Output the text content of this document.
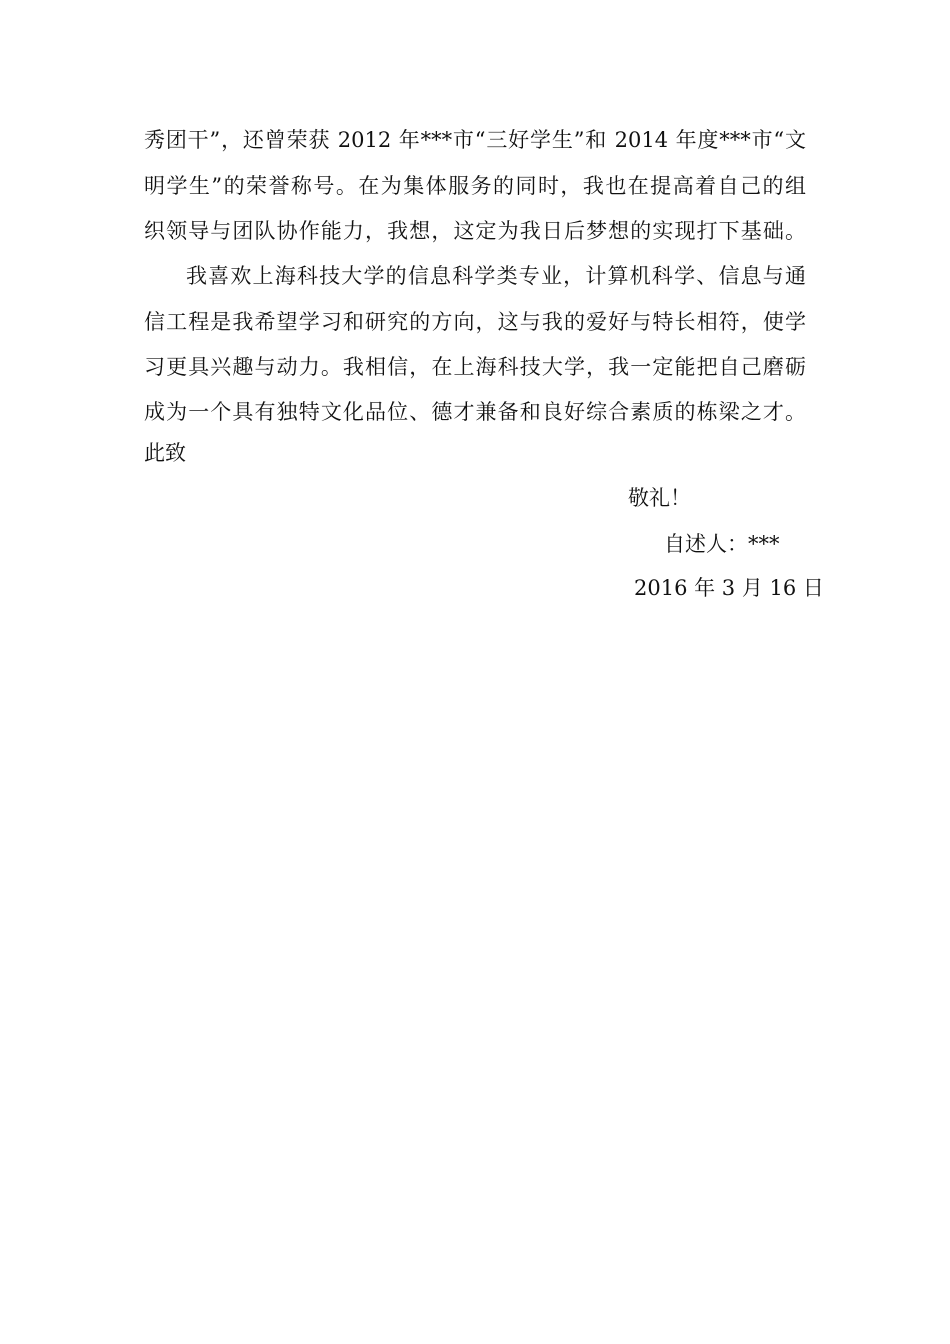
秀团干”，还曾荣获 2012 年***市“三好学生”和 2014 年度***市“文
明学生”的荣誉称号。在为集体服务的同时，我也在提高着自己的组
织领导与团队协作能力，我想，这定为我日后梦想的实现打下基础。
我喜欢上海科技大学的信息科学类专业，计算机科学、信息与通
信工程是我希望学习和研究的方向，这与我的爱好与特长相符，使学
习更具兴趣与动力。我相信，在上海科技大学，我一定能把自己磨砺
成为一个具有独特文化品位、德才兼备和良好综合素质的栋梁之才。
此致
敬礼！
自述人：***
2016 年 3 月 16 日
